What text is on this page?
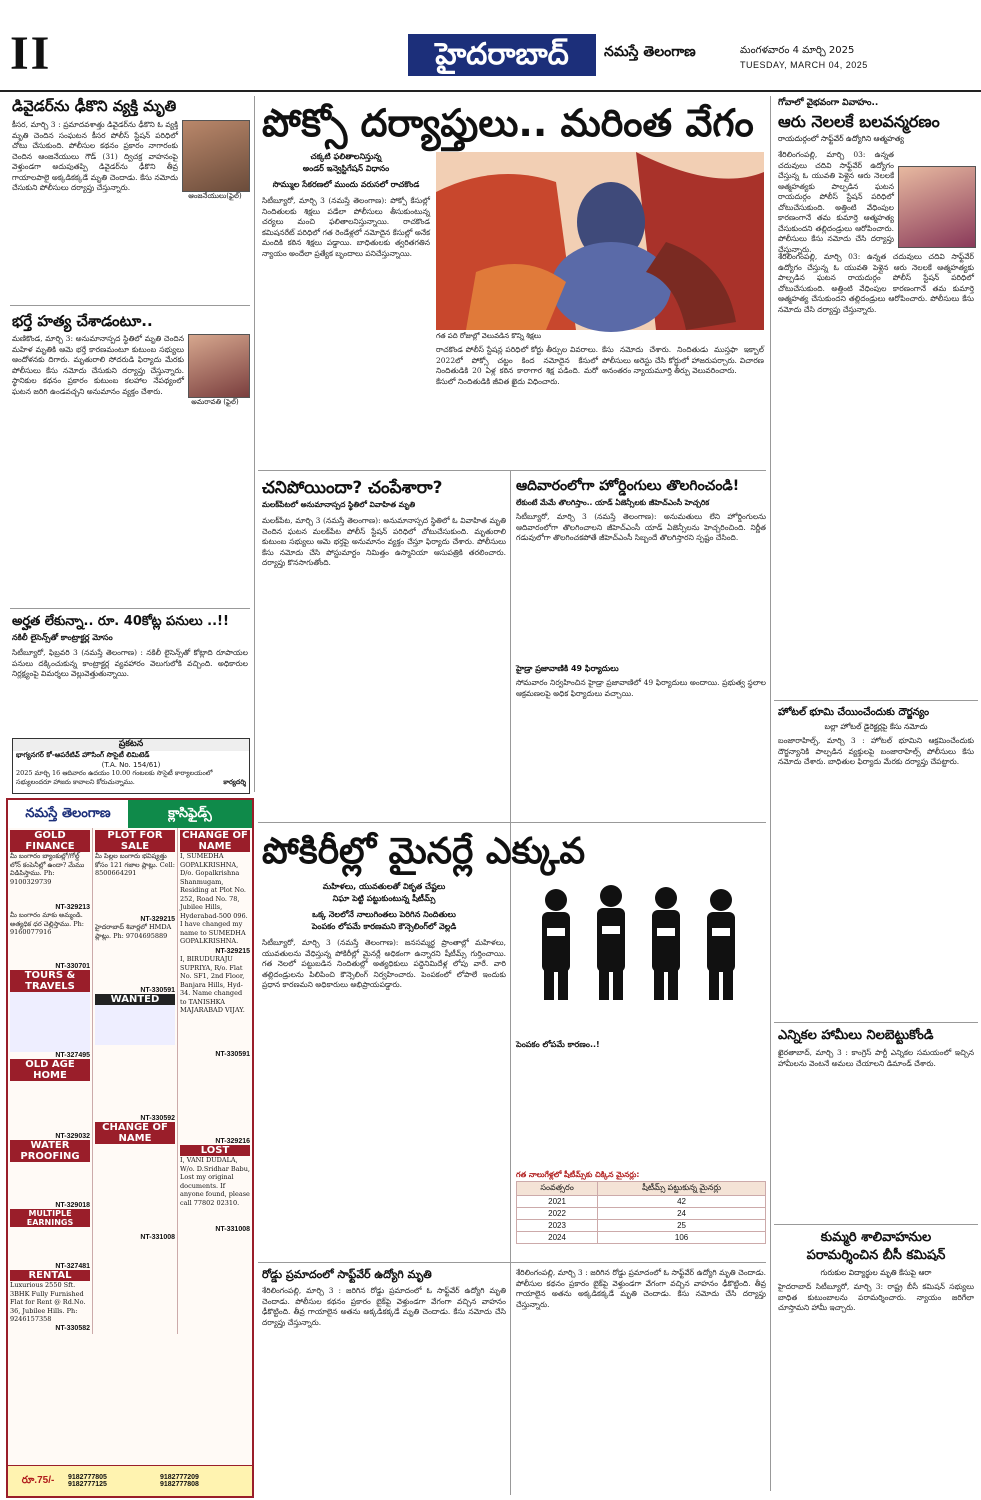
II	హైదరాబాద్	నమస్తే తెలంగాణ	మంగళవారం 4 మార్చి 2025
TUESDAY, MARCH 04, 2025
డివైడర్‌ను ఢీకొని వ్యక్తి మృతి
ఆంజనేయులు(ఫైల్)
కీసర, మార్చి 3 : ప్రమాదవశాత్తు డివైడర్‌ను ఢీకొని ఓ వ్యక్తి మృతి చెందిన సంఘటన కీసర పోలీస్ స్టేషన్ పరిధిలో చోటు చేసుకుంది. పోలీసుల కథనం ప్రకారం నాగారంకు చెందిన ఆంజనేయులు గౌడ్ (31) ద్విచక్ర వాహనంపై వెళ్తుండగా అదుపుతప్పి డివైడర్‌ను ఢీకొని తీవ్ర గాయాలపాలై అక్కడికక్కడే మృతి చెందాడు. కేసు నమోదు చేసుకుని పోలీసులు దర్యాప్తు చేస్తున్నారు.
భర్తే హత్య చేశాడంటూ..
అమరావతి (ఫైల్)
మణికొండ, మార్చి 3: అనుమానాస్పద స్థితిలో మృతి చెందిన మహిళ మృతికి ఆమె భర్తే కారణమంటూ కుటుంబ సభ్యులు ఆందోళనకు దిగారు. మృతురాలి సోదరుడి ఫిర్యాదు మేరకు పోలీసులు కేసు నమోదు చేసుకుని దర్యాప్తు చేస్తున్నారు. స్థానికుల కథనం ప్రకారం కుటుంబ కలహాల నేపథ్యంలో ఘటన జరిగి ఉండవచ్చని అనుమానం వ్యక్తం చేశారు.
అర్హత లేకున్నా.. రూ. 40కోట్ల పనులు ..!!
నకిలీ లైసెన్స్‌తో కాంట్రాక్టర్ల మోసం
సిటీబ్యూరో, ఫిబ్రవరి 3 (నమస్తే తెలంగాణ) : నకిలీ లైసెన్స్‌తో కోట్లాది రూపాయల పనులు దక్కించుకున్న కాంట్రాక్టర్ల వ్యవహారం వెలుగులోకి వచ్చింది. అధికారుల నిర్లక్ష్యంపై విమర్శలు వెల్లువెత్తుతున్నాయి.
ప్రకటన
భాగ్యనగర్ కో-ఆపరేటివ్ హౌసింగ్ సొసైటీ లిమిటెడ్
(T.A. No. 154/61)
2025 మార్చి 16 ఆదివారం ఉదయం 10.00 గంటలకు సొసైటీ కార్యాలయంలో సభ్యులందరూ హాజరు కావాలని కోరుచున్నాము.	కార్యదర్శి
పోక్సో దర్యాప్తులు.. మరింత వేగం
చక్కటి ఫలితాలనిస్తున్న
అండర్ ఇన్వెస్టిగేషన్ విధానం
సొమ్ముల సేకరణలో ముందు వరుసలో రాచకొండ
సిటీబ్యూరో, మార్చి 3 (నమస్తే తెలంగాణ): పోక్సో కేసుల్లో నిందితులకు శిక్షలు పడేలా పోలీసులు తీసుకుంటున్న చర్యలు మంచి ఫలితాలనిస్తున్నాయి. రాచకొండ కమిషనరేట్ పరిధిలో గత రెండేళ్లలో నమోదైన కేసుల్లో అనేక మందికి కఠిన శిక్షలు పడ్డాయి. బాధితులకు త్వరితగతిన న్యాయం అందేలా ప్రత్యేక బృందాలు పనిచేస్తున్నాయి.
గత పది రోజుల్లో వెలువడిన కొన్ని శిక్షలు
రాచకొండ పోలీస్ స్టేషన్ల పరిధిలో కోర్టు తీర్పుల వివరాలు. 2022లో పోక్సో చట్టం కింద నమోదైన కేసులో నిందితుడికి 20 ఏళ్ల కఠిన కారాగార శిక్ష పడింది. మరో కేసులో నిందితుడికి జీవిత ఖైదు విధించారు.
కేసు నమోదు చేశారు. నిందితుడు ముస్తఫా ఇక్బాల్ పోలీసులు అరెస్టు చేసి కోర్టులో హాజరుపర్చారు. విచారణ అనంతరం న్యాయమూర్తి తీర్పు వెలువరించారు.
చనిపోయిందా? చంపేశారా?
మలక్‌పేటలో అనుమానాస్పద స్థితిలో వివాహిత మృతి
మలక్‌పేట, మార్చి 3 (నమస్తే తెలంగాణ): అనుమానాస్పద స్థితిలో ఓ వివాహిత మృతి చెందిన ఘటన మలక్‌పేట పోలీస్ స్టేషన్ పరిధిలో చోటుచేసుకుంది. మృతురాలి కుటుంబ సభ్యులు ఆమె భర్తపై అనుమానం వ్యక్తం చేస్తూ ఫిర్యాదు చేశారు. పోలీసులు కేసు నమోదు చేసి పోస్టుమార్టం నిమిత్తం ఉస్మానియా ఆసుపత్రికి తరలించారు. దర్యాప్తు కొనసాగుతోంది.
ఆదివారంలోగా హోర్డింగులు తొలగించండి!
లేకుంటే మేమే తొలగిస్తాం.. యాడ్ ఏజెన్సీలకు జీహెచ్ఎంసీ హెచ్చరిక
సిటీబ్యూరో, మార్చి 3 (నమస్తే తెలంగాణ): అనుమతులు లేని హోర్డింగులను ఆదివారంలోగా తొలగించాలని జీహెచ్ఎంసీ యాడ్ ఏజెన్సీలను హెచ్చరించింది. నిర్ణీత గడువులోగా తొలగించకపోతే జీహెచ్ఎంసీ సిబ్బందే తొలగిస్తారని స్పష్టం చేసింది.
హైడ్రా ప్రజావాణికి 49 ఫిర్యాదులు
సోమవారం నిర్వహించిన హైడ్రా ప్రజావాణిలో 49 ఫిర్యాదులు అందాయి. ప్రభుత్వ స్థలాల ఆక్రమణలపై అధిక ఫిర్యాదులు వచ్చాయి.
పోకిరీల్లో మైనర్లే ఎక్కువ
మహిళలు, యువతులతో వికృత చేష్టలు
నిఘా పెట్టి పట్టుకుంటున్న షీటీమ్స్
ఒక్క నెలలోనే నాలుగింతలు పెరిగిన నిందితులు
పెంపకం లోపమే కారణమని కౌన్సెలింగ్‌లో వెల్లడి
సిటీబ్యూరో, మార్చి 3 (నమస్తే తెలంగాణ): జనసమ్మర్థ ప్రాంతాల్లో మహిళలు, యువతులను వేధిస్తున్న పోకిరీల్లో మైనర్లే అధికంగా ఉన్నారని షీటీమ్స్ గుర్తించాయి. గత నెలలో పట్టుబడిన నిందితుల్లో అత్యధికులు పద్దెనిమిదేళ్ల లోపు వారే. వారి తల్లిదండ్రులను పిలిపించి కౌన్సెలింగ్ నిర్వహించారు. పెంపకంలో లోపాలే ఇందుకు ప్రధాన కారణమని అధికారులు అభిప్రాయపడ్డారు.
పెంపకం లోపమే కారణం..!
గత నాలుగేళ్లలో షీటీమ్స్‌కు చిక్కిన మైనర్లు:
సంవత్సరం	షీటీమ్స్ పట్టుకున్న మైనర్లు
2021	42
2022	24
2023	25
2024	106
రోడ్డు ప్రమాదంలో సాఫ్ట్‌వేర్ ఉద్యోగి మృతి
శేరిలింగంపల్లి, మార్చి 3 : జరిగిన రోడ్డు ప్రమాదంలో ఓ సాఫ్ట్‌వేర్ ఉద్యోగి మృతి చెందాడు. పోలీసుల కథనం ప్రకారం బైక్‌పై వెళ్తుండగా వేగంగా వచ్చిన వాహనం ఢీకొట్టింది. తీవ్ర గాయాలైన అతను అక్కడికక్కడే మృతి చెందాడు. కేసు నమోదు చేసి దర్యాప్తు చేస్తున్నారు.
శేరిలింగంపల్లి, మార్చి 3 : జరిగిన రోడ్డు ప్రమాదంలో ఓ సాఫ్ట్‌వేర్ ఉద్యోగి మృతి చెందాడు. పోలీసుల కథనం ప్రకారం బైక్‌పై వెళ్తుండగా వేగంగా వచ్చిన వాహనం ఢీకొట్టింది. తీవ్ర గాయాలైన అతను అక్కడికక్కడే మృతి చెందాడు. కేసు నమోదు చేసి దర్యాప్తు చేస్తున్నారు.
గోవాలో వైభవంగా వివాహం..
ఆరు నెలలకే బలవన్మరణం
రాయదుర్గంలో సాఫ్ట్‌వేర్ ఉద్యోగిని ఆత్మహత్య
శేరిలింగంపల్లి, మార్చి 03: ఉన్నత చదువులు చదివి సాఫ్ట్‌వేర్ ఉద్యోగం చేస్తున్న ఓ యువతి పెళ్లైన ఆరు నెలలకే ఆత్మహత్యకు పాల్పడిన ఘటన రాయదుర్గం పోలీస్ స్టేషన్ పరిధిలో చోటుచేసుకుంది. అత్తింటి వేధింపుల కారణంగానే తమ కుమార్తె ఆత్మహత్య చేసుకుందని తల్లిదండ్రులు ఆరోపించారు. పోలీసులు కేసు నమోదు చేసి దర్యాప్తు చేస్తున్నారు.
శేరిలింగంపల్లి, మార్చి 03: ఉన్నత చదువులు చదివి సాఫ్ట్‌వేర్ ఉద్యోగం చేస్తున్న ఓ యువతి పెళ్లైన ఆరు నెలలకే ఆత్మహత్యకు పాల్పడిన ఘటన రాయదుర్గం పోలీస్ స్టేషన్ పరిధిలో చోటుచేసుకుంది. అత్తింటి వేధింపుల కారణంగానే తమ కుమార్తె ఆత్మహత్య చేసుకుందని తల్లిదండ్రులు ఆరోపించారు. పోలీసులు కేసు నమోదు చేసి దర్యాప్తు చేస్తున్నారు.
హోటల్ భూమి చేయించేందుకు దౌర్జన్యం
బల్లా హోటల్ డైరెక్టర్లపై కేసు నమోదు
బంజారాహిల్స్, మార్చి 3 : హోటల్ భూమిని ఆక్రమించేందుకు దౌర్జన్యానికి పాల్పడిన వ్యక్తులపై బంజారాహిల్స్ పోలీసులు కేసు నమోదు చేశారు. బాధితుల ఫిర్యాదు మేరకు దర్యాప్తు చేపట్టారు.
ఎన్నికల హామీలు నిలబెట్టుకోండి
ఖైరతాబాద్, మార్చి 3 : కాంగ్రెస్ పార్టీ ఎన్నికల సమయంలో ఇచ్చిన హామీలను వెంటనే అమలు చేయాలని డిమాండ్ చేశారు.
కుమ్మరి శాలివాహనుల
పరామర్శించిన బీసీ కమిషన్
గురుకుల విద్యార్థుల మృతి కేసుపై ఆరా
హైదరాబాద్ సిటీబ్యూరో, మార్చి 3: రాష్ట్ర బీసీ కమిషన్ సభ్యులు బాధిత కుటుంబాలను పరామర్శించారు. న్యాయం జరిగేలా చూస్తామని హామీ ఇచ్చారు.
నమస్తే తెలంగాణ	క్లాసిఫైడ్స్
GOLD FINANCE
మీ బంగారం బ్యాంకుల్లో/గోల్డ్ లోన్ కంపెనీల్లో ఉందా? మేము విడిపిస్తాము. Ph: 9100329739
NT-329213
మీ బంగారం మాకు అమ్మండి. అత్యధిక ధర చెల్లిస్తాము. Ph: 9160077916
NT-330701
TOURS & TRAVELS
NT-327495
OLD AGE HOME
NT-329032
WATER PROOFING
NT-329018
MULTIPLE EARNINGS
NT-327481
RENTAL
Luxurious 2550 Sft. 3BHK Fully Furnished Flat for Rent @ Rd.No. 36, Jubilee Hills. Ph: 9246157358
NT-330582
PLOT FOR SALE
మీ పిల్లల బంగారు భవిష్యత్తు కోసం 121 గజాల ప్లాట్లు. Cell: 8500664291
NT-329215
హైదరాబాద్ శివార్లలో HMDA ప్లాట్లు. Ph: 9704695889
NT-330591
WANTED
NT-330592
CHANGE OF NAME
NT-331008
CHANGE OF NAME
I, SUMEDHA GOPALKRISHNA, D/o. Gopalkrishna Shanmugam, Residing at Plot No. 252, Road No. 78, Jubilee Hills, Hyderabad-500 096. I have changed my name to SUMEDHA GOPALKRISHNA.
NT-329215
I, BIRUDURAJU SUPRIYA, R/o. Flat No. SF1, 2nd Floor, Banjara Hills, Hyd-34. Name changed to TANISHKA MAJARABAD VIJAY.
NT-330591
NT-329216
LOST
I, VANI DUDALA, W/o. D.Sridhar Babu, Lost my original documents. If anyone found, please call 77802 02310.
NT-331008
రూ.75/-	9182777805	9182777209
9182777125	9182777808
